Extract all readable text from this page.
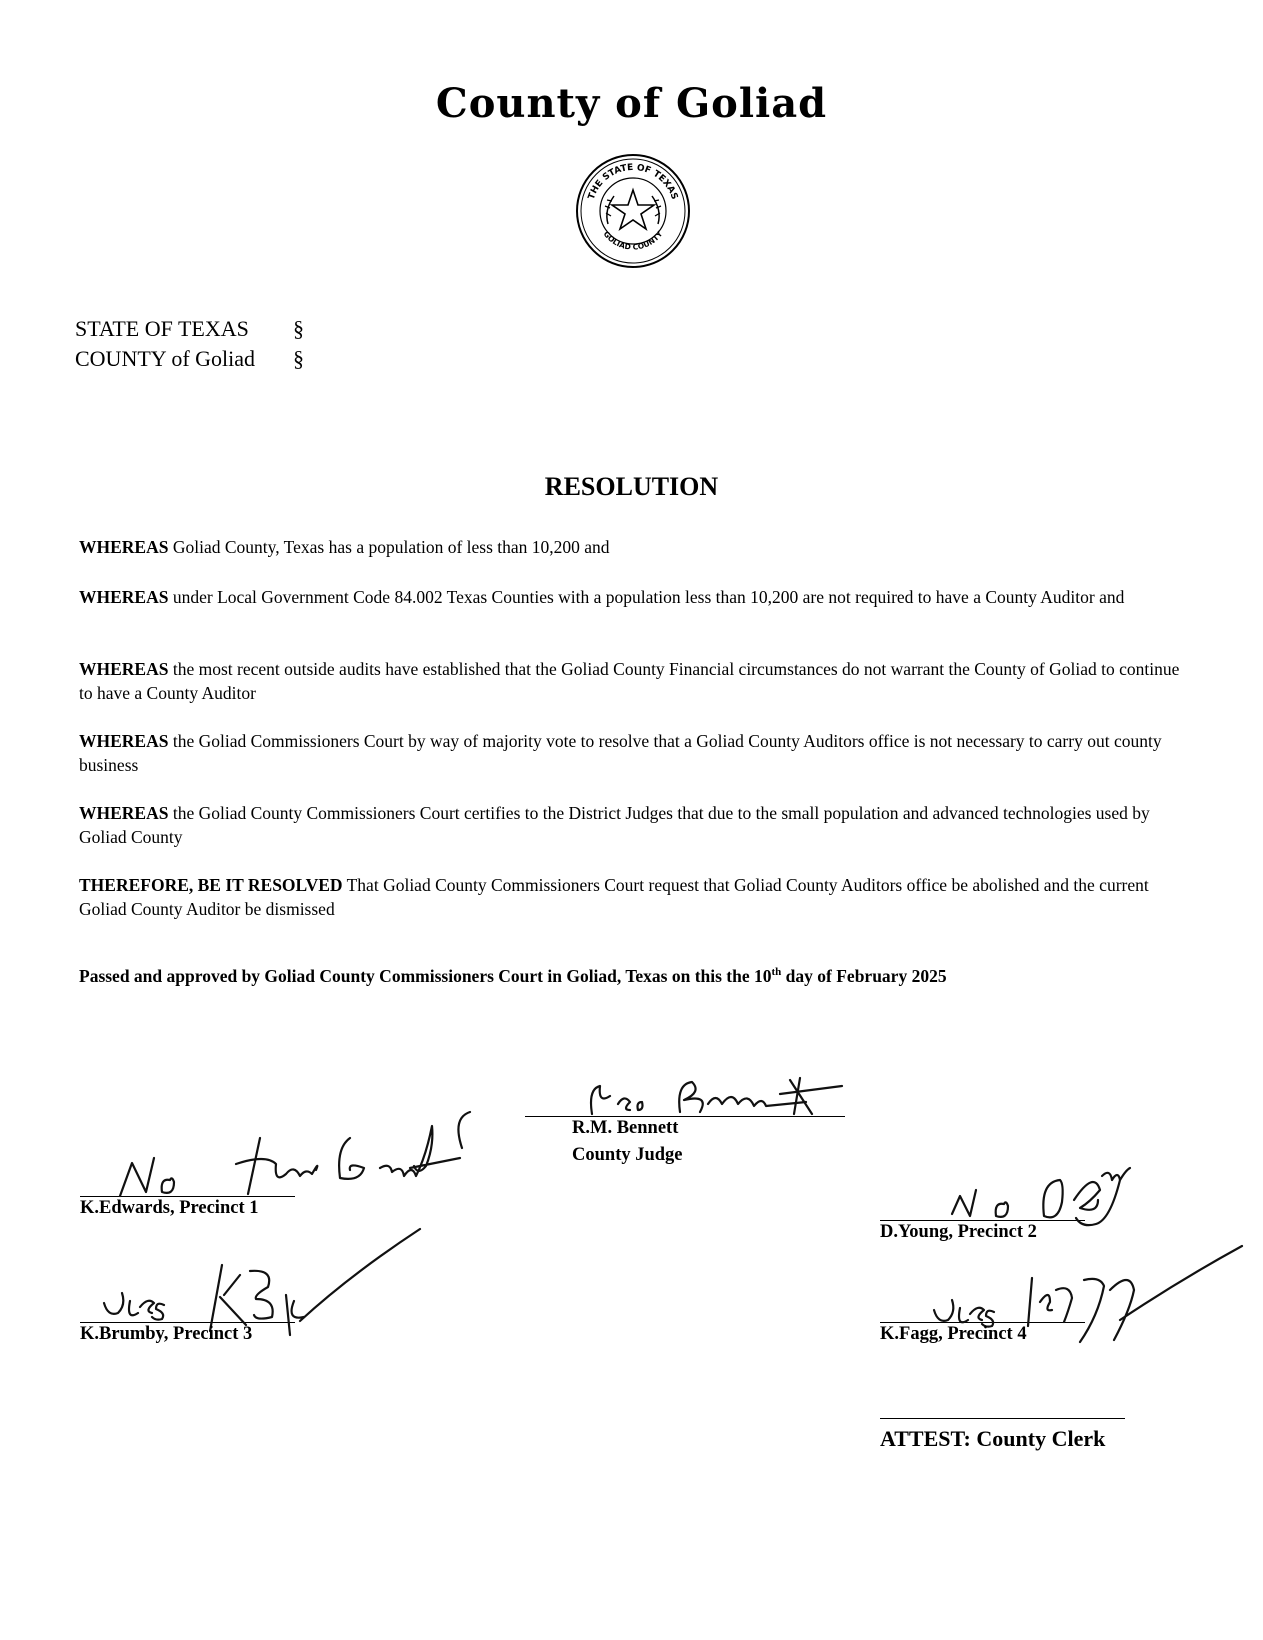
County of Goliad
THE STATE OF TEXAS
GOLIAD COUNTY
STATE OF TEXAS §
COUNTY of Goliad §
RESOLUTION
WHEREAS Goliad County, Texas has a population of less than 10,200 and
WHEREAS under Local Government Code 84.002 Texas Counties with a population less than 10,200 are not required to have a County Auditor and
WHEREAS the most recent outside audits have established that the Goliad County Financial circumstances do not warrant the County of Goliad to continue to have a County Auditor
WHEREAS the Goliad Commissioners Court by way of majority vote to resolve that a Goliad County Auditors office is not necessary to carry out county business
WHEREAS the Goliad County Commissioners Court certifies to the District Judges that due to the small population and advanced technologies used by Goliad County
THEREFORE, BE IT RESOLVED That Goliad County Commissioners Court request that Goliad County Auditors office be abolished and the current Goliad County Auditor be dismissed
Passed and approved by Goliad County Commissioners Court in Goliad, Texas on this the 10th day of February 2025
R.M. Bennett
County Judge
K.Edwards, Precinct 1
D.Young, Precinct 2
K.Brumby, Precinct 3	K.Fagg, Precinct 4
ATTEST: County Clerk
